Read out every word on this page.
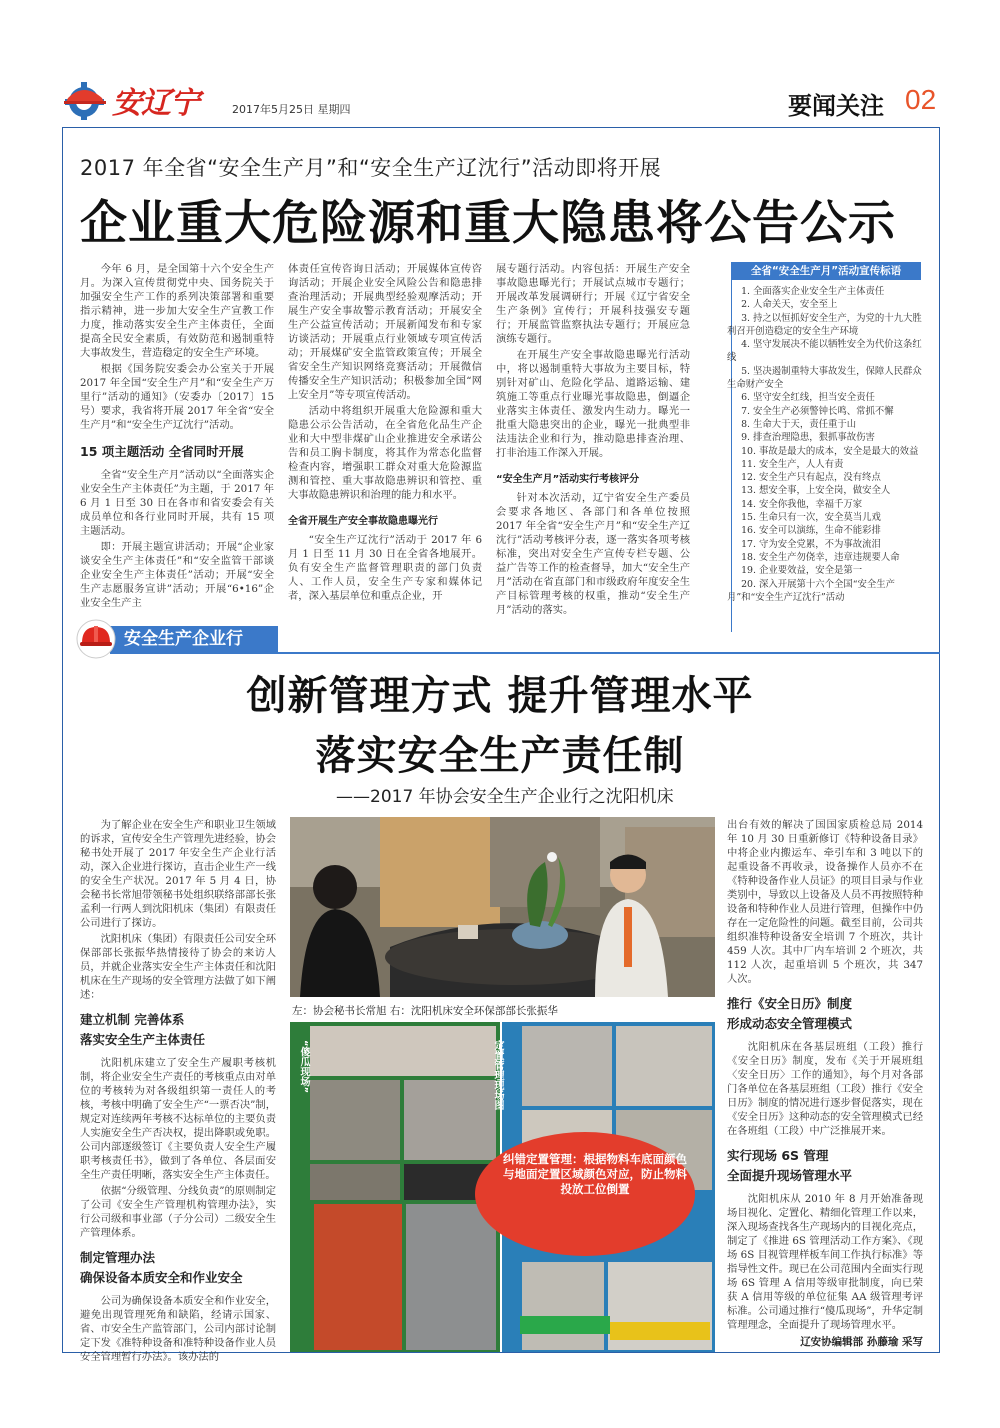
安辽宁	2017年5月25日 星期四	要闻关注 02
2017 年全省“安全生产月”和“安全生产辽沈行”活动即将开展
企业重大危险源和重大隐患将公告公示

今年 6 月，是全国第十六个安全生产月。为深入宣传贯彻党中央、国务院关于加强安全生产工作的系列决策部署和重要指示精神，进一步加大安全生产宣教工作力度，推动落实安全生产主体责任，全面提高全民安全素质，有效防范和遏制重特大事故发生，营造稳定的安全生产环境。

根据《国务院安委会办公室关于开展 2017 年全国“安全生产月”和“安全生产万里行”活动的通知》（安委办〔2017〕15 号）要求，我省将开展 2017 年全省“安全生产月”和“安全生产辽沈行”活动。

15 项主题活动 全省同时开展

全省“安全生产月”活动以“全面落实企业安全生产主体责任”为主题，于 2017 年 6 月 1 日至 30 日在各市和省安委会有关成员单位和各行业同时开展，共有 15 项主题活动。

即：开展主题宣讲活动；开展“企业家谈安全生产主体责任”和“安全监管干部谈企业安全生产主体责任”活动；开展“安全生产志愿服务宣讲”活动；开展“6•16”企业安全生产主

体责任宣传咨询日活动；开展媒体宣传咨询活动；开展企业安全风险公告和隐患排查治理活动；开展典型经验观摩活动；开展生产安全事故警示教育活动；开展安全生产公益宣传活动；开展新闻发布和专家访谈活动；开展重点行业领域专项宣传活动；开展煤矿安全监管政策宣传；开展全省安全生产知识网络竞赛活动；开展微信传播安全生产知识活动；积极参加全国“网上安全月”等专项宣传活动。

活动中将组织开展重大危险源和重大隐患公示公告活动，在全省危化品生产企业和大中型非煤矿山企业推进安全承诺公告和员工胸卡制度，将其作为常态化监督检查内容，增强职工群众对重大危险源监测和管控、重大事故隐患辨识和管控、重大事故隐患辨识和治理的能力和水平。

全省开展生产安全事故隐患曝光行

“安全生产辽沈行”活动于 2017 年 6 月 1 日至 11 月 30 日在全省各地展开。负有安全生产监督管理职责的部门负责人、工作人员，安全生产专家和媒体记者，深入基层单位和重点企业，开

展专题行活动。内容包括：开展生产安全事故隐患曝光行；开展试点城市专题行；开展改革发展调研行；开展《辽宁省安全生产条例》宣传行；开展科技强安专题行；开展监管监察执法专题行；开展应急演练专题行。

在开展生产安全事故隐患曝光行活动中，将以遏制重特大事故为主要目标，特别针对矿山、危险化学品、道路运输、建筑施工等重点行业曝光事故隐患，倒逼企业落实主体责任、激发内生动力。曝光一批重大隐患突出的企业，曝光一批典型非法违法企业和行为，推动隐患排查治理、打非治违工作深入开展。

“安全生产月”活动实行考核评分

针对本次活动，辽宁省安全生产委员会要求各地区、各部门和各单位按照 2017 年全省“安全生产月”和“安全生产辽沈行”活动考核评分表，逐一落实各项考核标准，突出对安全生产宣传专栏专题、公益广告等工作的检查督导，加大“安全生产月”活动在省直部门和市级政府年度安全生产目标管理考核的权重，推动“安全生产月”活动的落实。

全省“安全生产月”活动宣传标语
1. 全面落实企业安全生产主体责任
2. 人命关天，安全至上
3. 持之以恒抓好安全生产，为党的十九大胜利召开创造稳定的安全生产环境
4. 坚守发展决不能以牺牲安全为代价这条红线
5. 坚决遏制重特大事故发生，保障人民群众生命财产安全
6. 坚守安全红线，担当安全责任
7. 安全生产必须警钟长鸣、常抓不懈
8. 生命大于天，责任重于山
9. 排查治理隐患，狠抓事故伤害
10. 事故是最大的成本，安全是最大的效益
11. 安全生产，人人有责
12. 安全生产只有起点，没有终点
13. 想安全事，上安全岗，做安全人
14. 安全你我他，幸福千万家
15. 生命只有一次，安全莫当儿戏
16. 安全可以演练，生命不能彩排
17. 守为安全党累，不为事故流泪
18. 安全生产勿侥幸，违章违规要人命
19. 企业要效益，安全是第一
20. 深入开展第十六个全国“安全生产月”和“安全生产辽沈行”活动
安全生产企业行
创新管理方式 提升管理水平
落实安全生产责任制
——2017 年协会安全生产企业行之沈阳机床

为了解企业在安全生产和职业卫生领域的诉求，宣传安全生产管理先进经验，协会秘书处开展了 2017 年安全生产企业行活动，深入企业进行探访，直击企业生产一线的安全生产状况。2017 年 5 月 4 日，协会秘书长常旭带领秘书处组织联络部部长张孟利一行两人到沈阳机床（集团）有限责任公司进行了探访。

沈阳机床（集团）有限责任公司安全环保部部长张振华热情接待了协会的来访人员，并就企业落实安全生产主体责任和沈阳机床在生产现场的安全管理方法做了如下阐述：

建立机制 完善体系
落实安全生产主体责任

沈阳机床建立了安全生产履职考核机制，将企业安全生产责任的考核重点由对单位的考核转为对各级组织第一责任人的考核，考核中明确了安全生产“一票否决”制，规定对连续两年考核不达标单位的主要负责人实施安全生产否决权，提出降职或免职。公司内部逐级签订《主要负责人安全生产履职考核责任书》，做到了各单位、各层面安全生产责任明晰，落实安全生产主体责任。

依据“分级管理、分线负责”的原则制定了公司《安全生产管理机构管理办法》，实行公司级和事业部（子分公司）二级安全生产管理体系。

制定管理办法
确保设备本质安全和作业安全

公司为确保设备本质安全和作业安全，避免出现管理死角和缺陷，经请示国家、省、市安全生产监管部门，公司内部讨论制定下发《准特种设备和准特种设备作业人员安全管理暂行办法》。该办法的

左：协会秘书长常旭 右：沈阳机床安全环保部部长张振华
“傻瓜现场”	定置管理现场图
纠错定置管理：根据物料车底面颜色与地面定置区域颜色对应，防止物料投放工位倒置

出台有效的解决了国国家质检总局 2014 年 10 月 30 日重新修订《特种设备目录》中将企业内搬运车、牵引车和 3 吨以下的起重设备不再收录，设备操作人员亦不在《特种设备作业人员证》的项目目录与作业类别中，导致以上设备及人员不再按照特种设备和特种作业人员进行管理，但操作中仍存在一定危险性的问题。截至目前，公司共组织准特种设备安全培训 7 个班次，共计 459 人次。其中厂内车培训 2 个班次，共 112 人次，起重培训 5 个班次，共 347 人次。

推行《安全日历》制度
形成动态安全管理模式

沈阳机床在各基层班组（工段）推行《安全日历》制度，发布《关于开展班组〈安全日历〉工作的通知》，每个月对各部门各单位在各基层班组（工段）推行《安全日历》制度的情况进行逐步督促落实，现在《安全日历》这种动态的安全管理模式已经在各班组（工段）中广泛推展开来。

实行现场 6S 管理
全面提升现场管理水平

沈阳机床从 2010 年 8 月开始准备现场目视化、定置化、精细化管理工作以来，深入现场查找各生产现场内的目视化亮点，制定了《推进 6S 管理活动工作方案》、《现场 6S 目视管理样板车间工作执行标准》等指导性文件。现已在公司范围内全面实行现场 6S 管理 A 信用等级审批制度，向已荣获 A 信用等级的单位征集 AA 级管理考评标准。公司通过推行“傻瓜现场”，升华定制管理理念，全面提升了现场管理水平。

辽安协编辑部 孙藤瑜 采写
